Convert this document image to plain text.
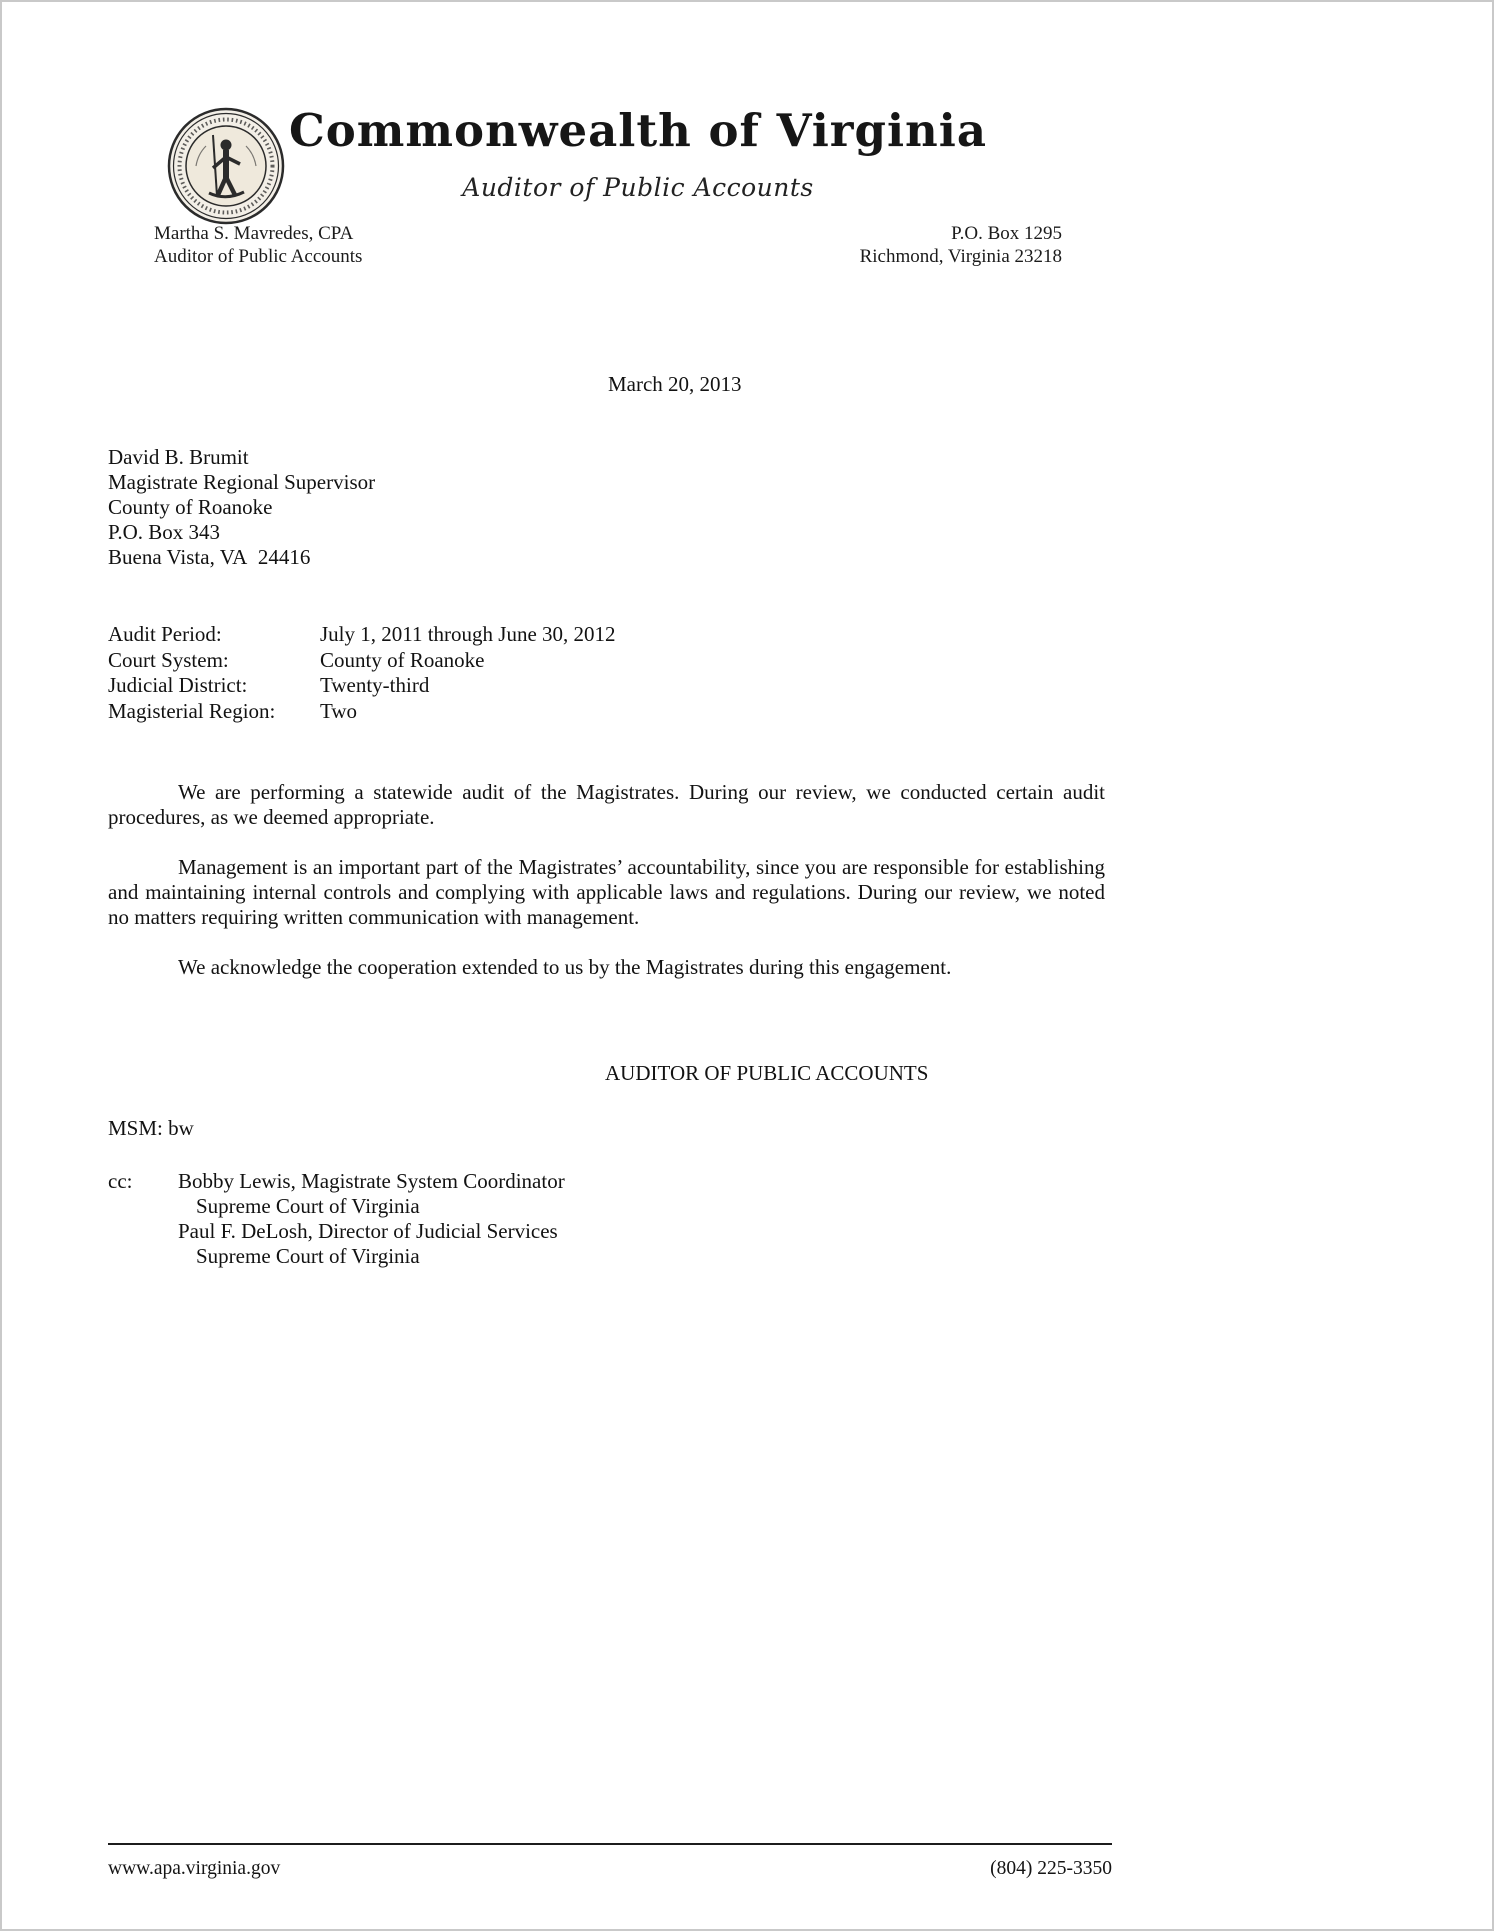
Commonwealth of Virginia
Auditor of Public Accounts
Martha S. Mavredes, CPA
Auditor of Public Accounts
P.O. Box 1295
Richmond, Virginia 23218
March 20, 2013
David B. Brumit
Magistrate Regional Supervisor
County of Roanoke
P.O. Box 343
Buena Vista, VA  24416
Audit Period:	July 1, 2011 through June 30, 2012
Court System:	County of Roanoke
Judicial District:	Twenty-third
Magisterial Region:	Two

We are performing a statewide audit of the Magistrates. During our review, we conducted certain audit procedures, as we deemed appropriate.

Management is an important part of the Magistrates’ accountability, since you are responsible for establishing and maintaining internal controls and complying with applicable laws and regulations. During our review, we noted no matters requiring written communication with management.

We acknowledge the cooperation extended to us by the Magistrates during this engagement.

AUDITOR OF PUBLIC ACCOUNTS
MSM: bw
cc:	Bobby Lewis, Magistrate System Coordinator
Supreme Court of Virginia
Paul F. DeLosh, Director of Judicial Services
Supreme Court of Virginia
www.apa.virginia.gov	(804) 225-3350
